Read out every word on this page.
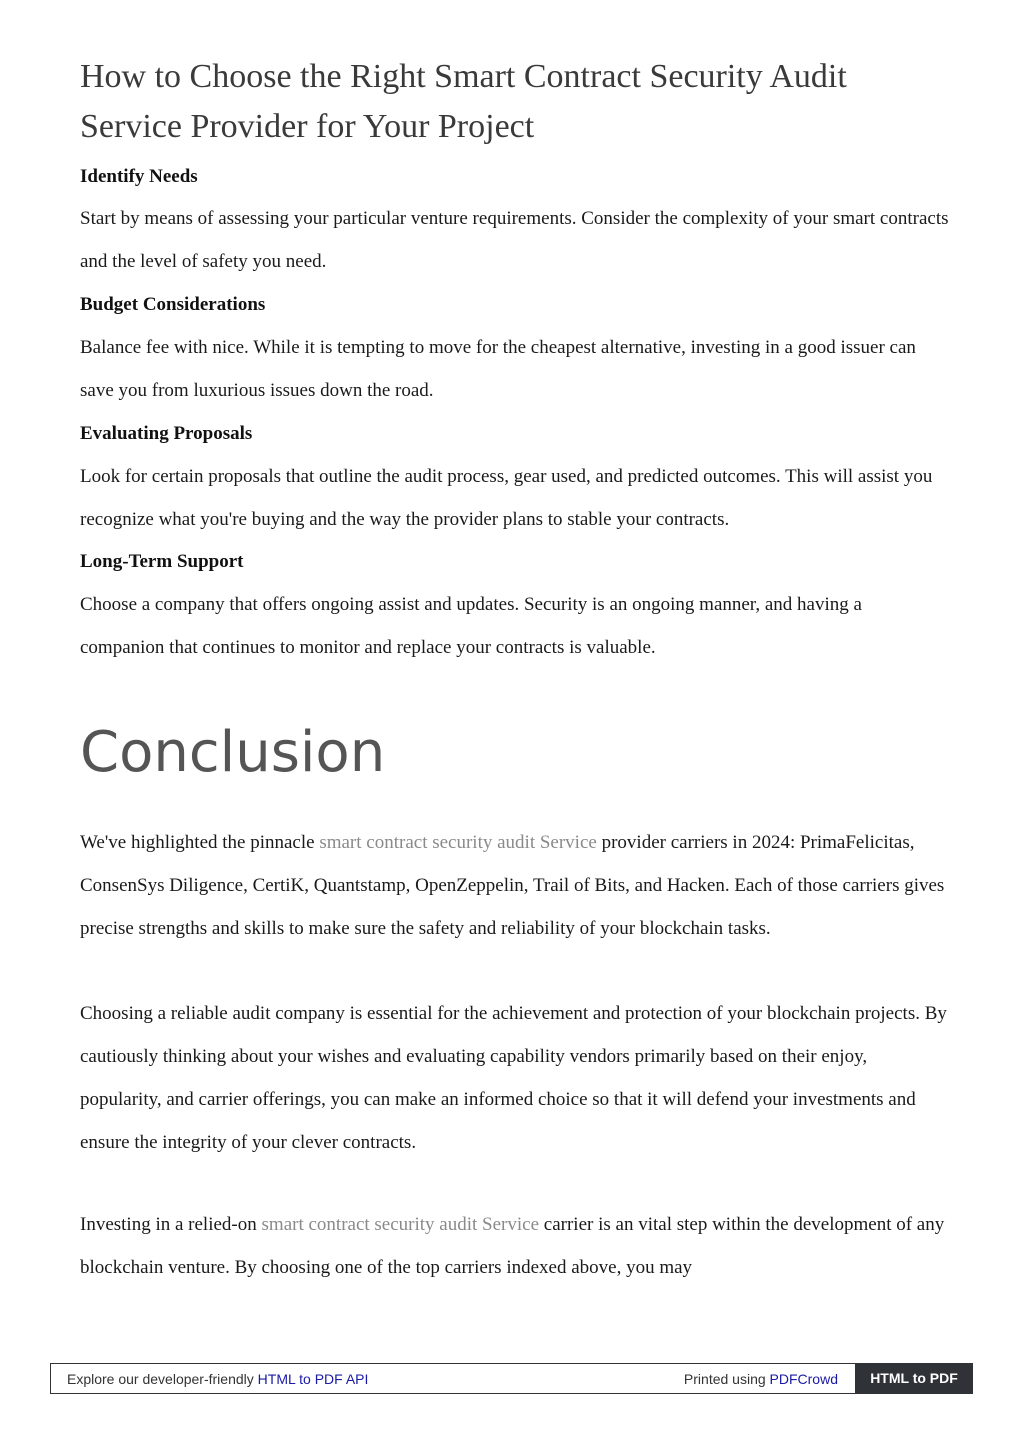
How to Choose the Right Smart Contract Security Audit Service Provider for Your Project

Identify Needs

Start by means of assessing your particular venture requirements. Consider the complexity of your smart contracts and the level of safety you need.

Budget Considerations

Balance fee with nice. While it is tempting to move for the cheapest alternative, investing in a good issuer can save you from luxurious issues down the road.

Evaluating Proposals

Look for certain proposals that outline the audit process, gear used, and predicted outcomes. This will assist you recognize what you're buying and the way the provider plans to stable your contracts.

Long-Term Support

Choose a company that offers ongoing assist and updates. Security is an ongoing manner, and having a companion that continues to monitor and replace your contracts is valuable.

Conclusion

We've highlighted the pinnacle smart contract security audit Service provider carriers in 2024: PrimaFelicitas, ConsenSys Diligence, CertiK, Quantstamp, OpenZeppelin, Trail of Bits, and Hacken. Each of those carriers gives precise strengths and skills to make sure the safety and reliability of your blockchain tasks.

Choosing a reliable audit company is essential for the achievement and protection of your blockchain projects. By cautiously thinking about your wishes and evaluating capability vendors primarily based on their enjoy, popularity, and carrier offerings, you can make an informed choice so that it will defend your investments and ensure the integrity of your clever contracts.

Investing in a relied-on smart contract security audit Service carrier is an vital step within the development of any blockchain venture. By choosing one of the top carriers indexed above, you may

Explore our developer-friendly HTML to PDF API	Printed using PDFCrowd	HTML to PDF
